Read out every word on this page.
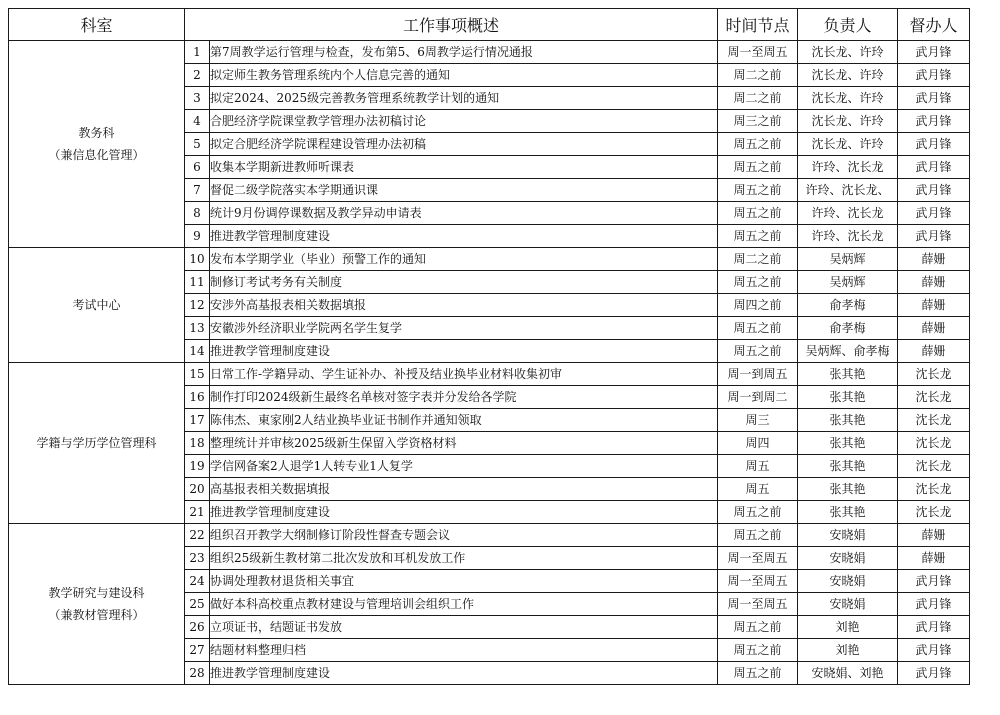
科室	工作事项概述		时间节点	负责人	督办人

教务科
（兼信息化管理）	1	第7周教学运行管理与检查，发布第5、6周教学运行情况通报	周一至周五	沈长龙、许玲	武月锋
	2	拟定师生教务管理系统内个人信息完善的通知	周二之前	沈长龙、许玲	武月锋
	3	拟定2024、2025级完善教务管理系统教学计划的通知	周二之前	沈长龙、许玲	武月锋
	4	合肥经济学院课堂教学管理办法初稿讨论	周三之前	沈长龙、许玲	武月锋
	5	拟定合肥经济学院课程建设管理办法初稿	周五之前	沈长龙、许玲	武月锋
	6	收集本学期新进教师听课表	周五之前	许玲、沈长龙	武月锋
	7	督促二级学院落实本学期通识课	周五之前	许玲、沈长龙、	武月锋
	8	统计9月份调停课数据及教学异动申请表	周五之前	许玲、沈长龙	武月锋
	9	推进教学管理制度建设	周五之前	许玲、沈长龙	武月锋

考试中心	10	发布本学期学业（毕业）预警工作的通知	周二之前	吴炳辉	薛姗
	11	制修订考试考务有关制度	周五之前	吴炳辉	薛姗
	12	安涉外高基报表相关数据填报	周四之前	俞孝梅	薛姗
	13	安徽涉外经济职业学院两名学生复学	周五之前	俞孝梅	薛姗
	14	推进教学管理制度建设	周五之前	吴炳辉、俞孝梅	薛姗

学籍与学历学位管理科	15	日常工作-学籍异动、学生证补办、补授及结业换毕业材料收集初审	周一到周五	张其艳	沈长龙
	16	制作打印2024级新生最终名单核对签字表并分发给各学院	周一到周二	张其艳	沈长龙
	17	陈伟杰、東家刚2人结业换毕业证书制作并通知领取	周三	张其艳	沈长龙
	18	整理统计并审核2025级新生保留入学资格材料	周四	张其艳	沈长龙
	19	学信网备案2人退学1人转专业1人复学	周五	张其艳	沈长龙
	20	高基报表相关数据填报	周五	张其艳	沈长龙
	21	推进教学管理制度建设	周五之前	张其艳	沈长龙

教学研究与建设科
（兼教材管理科）	22	组织召开教学大纲制修订阶段性督查专题会议	周五之前	安晓娟	薛姗
	23	组织25级新生教材第二批次发放和耳机发放工作	周一至周五	安晓娟	薛姗
	24	协调处理教材退货相关事宜	周一至周五	安晓娟	武月锋
	25	做好本科高校重点教材建设与管理培训会组织工作	周一至周五	安晓娟	武月锋
	26	立项证书，结题证书发放	周五之前	刘艳	武月锋
	27	结题材料整理归档	周五之前	刘艳	武月锋
	28	推进教学管理制度建设	周五之前	安晓娟、刘艳	武月锋
